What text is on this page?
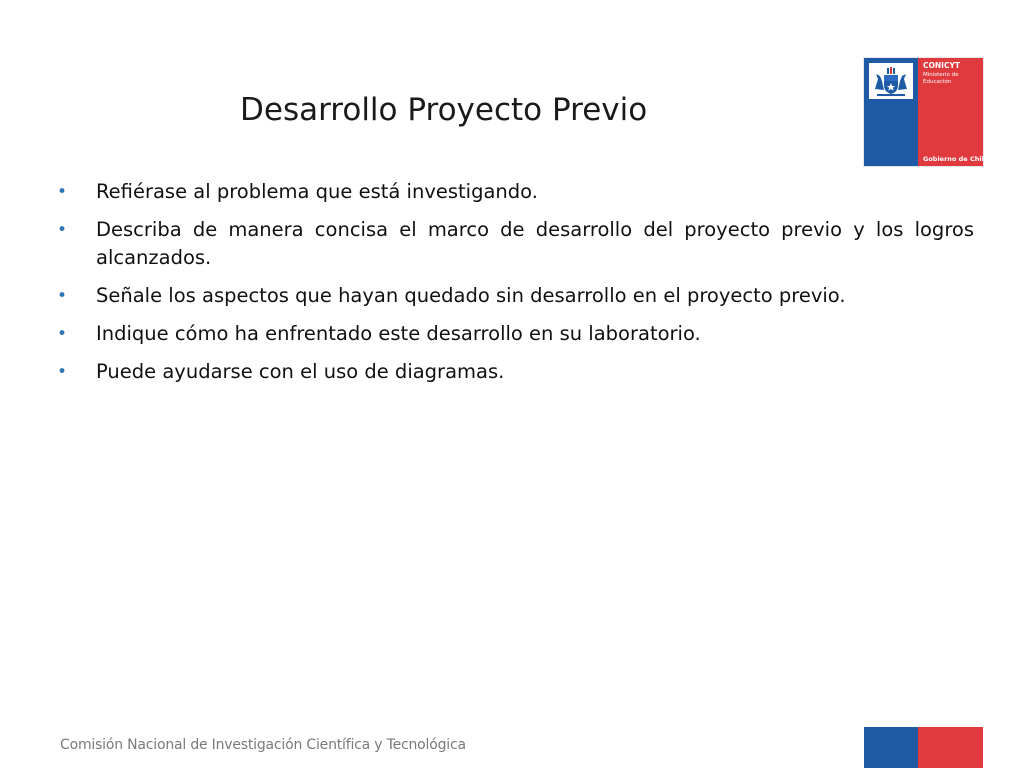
Desarrollo Proyecto Previo
• Refiérase al problema que está investigando.
• Describa de manera concisa el marco de desarrollo del proyecto previo y los logros alcanzados.
• Señale los aspectos que hayan quedado sin desarrollo en el proyecto previo.
• Indique cómo ha enfrentado este desarrollo en su laboratorio.
• Puede ayudarse con el uso de diagramas.
CONICYT
Ministerio de
Educación
Gobierno de Chile
Comisión Nacional de Investigación Científica y Tecnológica
